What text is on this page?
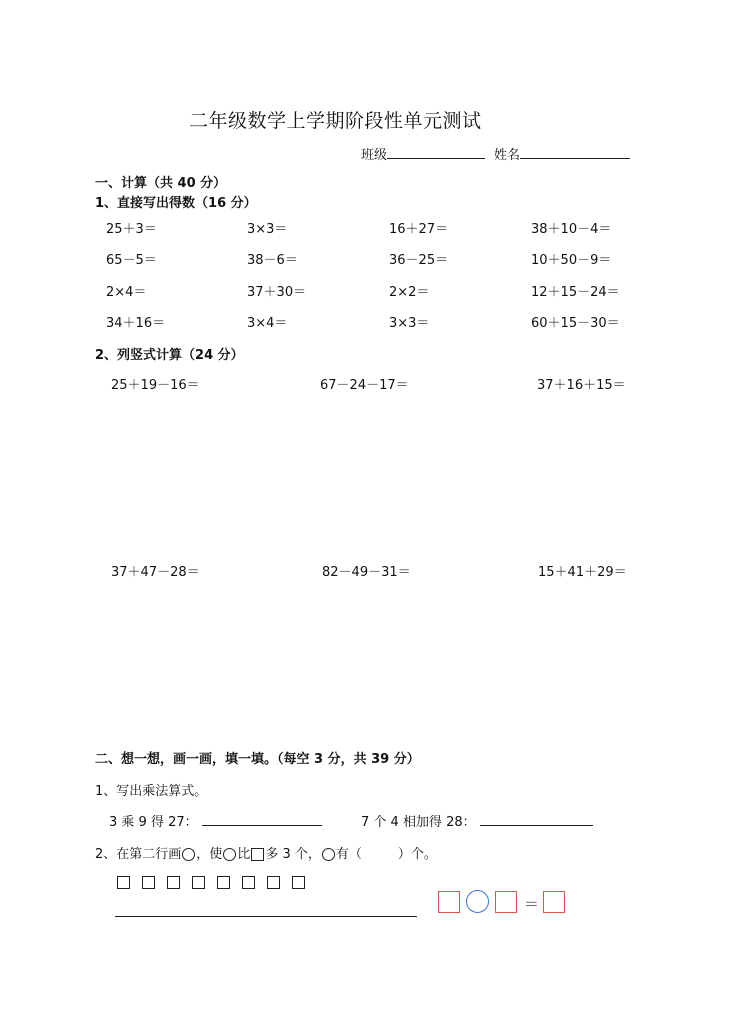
二年级数学上学期阶段性单元测试
班级	姓名
一、计算（共 40 分）
1、直接写出得数（16 分）
25＋3＝	3×3＝	16＋27＝	38＋10－4＝
65－5＝	38－6＝	36－25＝	10＋50－9＝
2×4＝	37＋30＝	2×2＝	12＋15－24＝
34＋16＝	3×4＝	3×3＝	60＋15－30＝
2、列竖式计算（24 分）
25＋19－16＝	67－24－17＝	37＋16＋15＝
37＋47－28＝	82－49－31＝	15＋41＋29＝
二、想一想，画一画，填一填。（每空 3 分，共 39 分）
1、写出乘法算式。
3 乘 9 得 27：	7 个 4 相加得 28：
2、在第二行画 ，使 比 多 3 个， 有（	）个。
＝
